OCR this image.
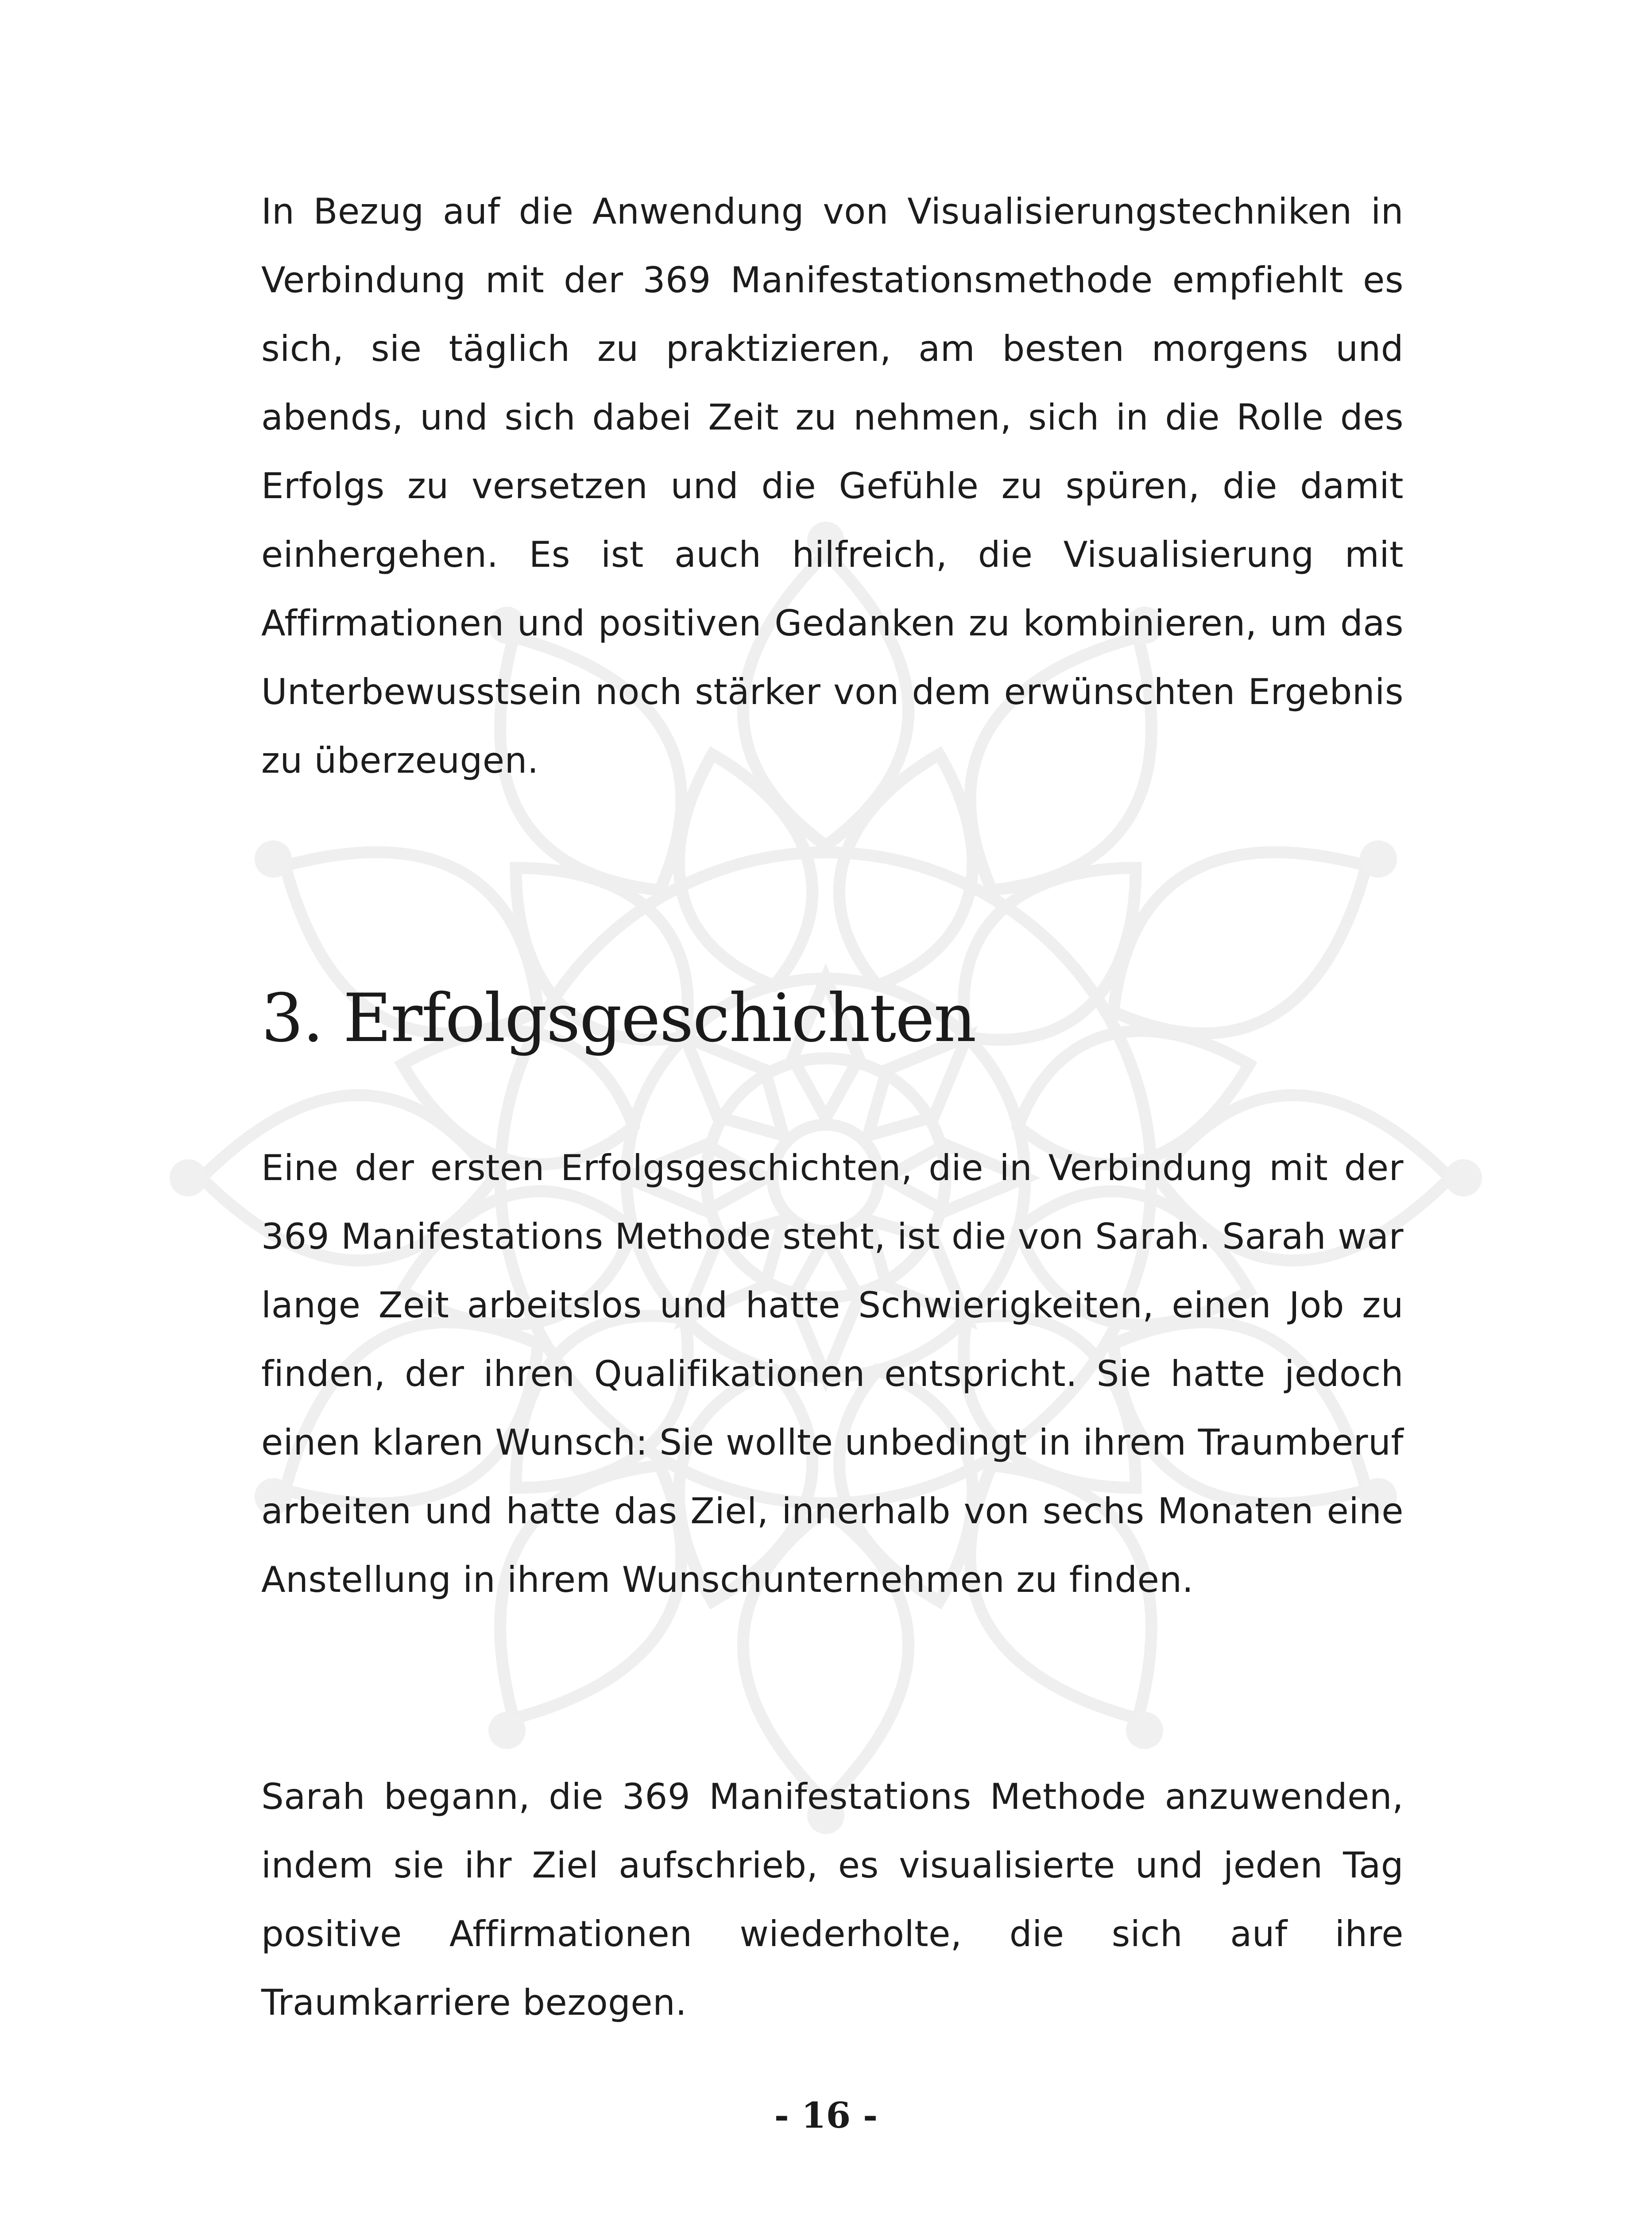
In Bezug auf die Anwendung von Visualisierungstechniken in Verbindung mit der 369 Manifestationsmethode empfiehlt es sich, sie täglich zu praktizieren, am besten morgens und abends, und sich dabei Zeit zu nehmen, sich in die Rolle des Erfolgs zu versetzen und die Gefühle zu spüren, die damit einhergehen. Es ist auch hilfreich, die Visualisierung mit Affirmationen und positiven Gedanken zu kombinieren, um das Unterbewusstsein noch stärker von dem erwünschten Ergebnis zu überzeugen.

3. Erfolgsgeschichten

Eine der ersten Erfolgsgeschichten, die in Verbindung mit der 369 Manifestations Methode steht, ist die von Sarah. Sarah war lange Zeit arbeitslos und hatte Schwierigkeiten, einen Job zu finden, der ihren Qualifikationen entspricht. Sie hatte jedoch einen klaren Wunsch: Sie wollte unbedingt in ihrem Traumberuf arbeiten und hatte das Ziel, innerhalb von sechs Monaten eine Anstellung in ihrem Wunschunternehmen zu finden.

Sarah begann, die 369 Manifestations Methode anzuwenden, indem sie ihr Ziel aufschrieb, es visualisierte und jeden Tag positive Affirmationen wiederholte, die sich auf ihre Traumkarriere bezogen.

- 16 -
